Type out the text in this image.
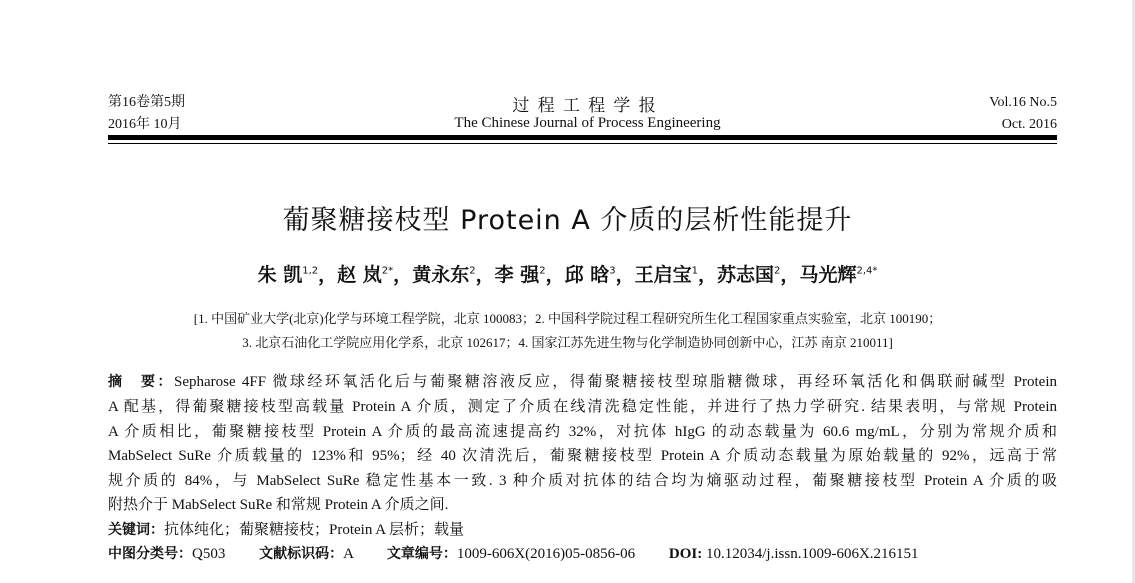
第16卷第5期
2016年 10月
过 程 工 程 学 报
The Chinese Journal of Process Engineering
Vol.16 No.5
Oct. 2016
葡聚糖接枝型 Protein A 介质的层析性能提升
朱 凯$^{1,2}$，赵 岚$^{2*}$，黄永东$^2$，李 强$^2$，邱 晗$^3$，王启宝$^1$，苏志国$^2$，马光辉$^{2,4*}$
[1. 中国矿业大学(北京)化学与环境工程学院，北京 100083；2. 中国科学院过程工程研究所生化工程国家重点实验室，北京 100190；
3. 北京石油化工学院应用化学系，北京 102617；4. 国家江苏先进生物与化学制造协同创新中心，江苏 南京 210011]
摘　要：Sepharose 4FF 微球经环氧活化后与葡聚糖溶液反应，得葡聚糖接枝型琼脂糖微球，再经环氧活化和偶联耐碱型 Protein
A 配基，得葡聚糖接枝型高载量 Protein A 介质，测定了介质在线清洗稳定性能，并进行了热力学研究. 结果表明，与常规 Protein
A 介质相比，葡聚糖接枝型 Protein A 介质的最高流速提高约 32%，对抗体 hIgG 的动态载量为 60.6 mg/mL，分别为常规介质和
MabSelect SuRe 介质载量的 123%和 95%；经 40 次清洗后，葡聚糖接枝型 Protein A 介质动态载量为原始载量的 92%，远高于常
规介质的 84%，与 MabSelect SuRe 稳定性基本一致. 3 种介质对抗体的结合均为熵驱动过程，葡聚糖接枝型 Protein A 介质的吸
附热介于 MabSelect SuRe 和常规 Protein A 介质之间.
关键词：抗体纯化；葡聚糖接枝；Protein A 层析；载量
中图分类号：Q503 文献标识码：A 文章编号：1009-606X(2016)05-0856-06 DOI: 10.12034/j.issn.1009-606X.216151
